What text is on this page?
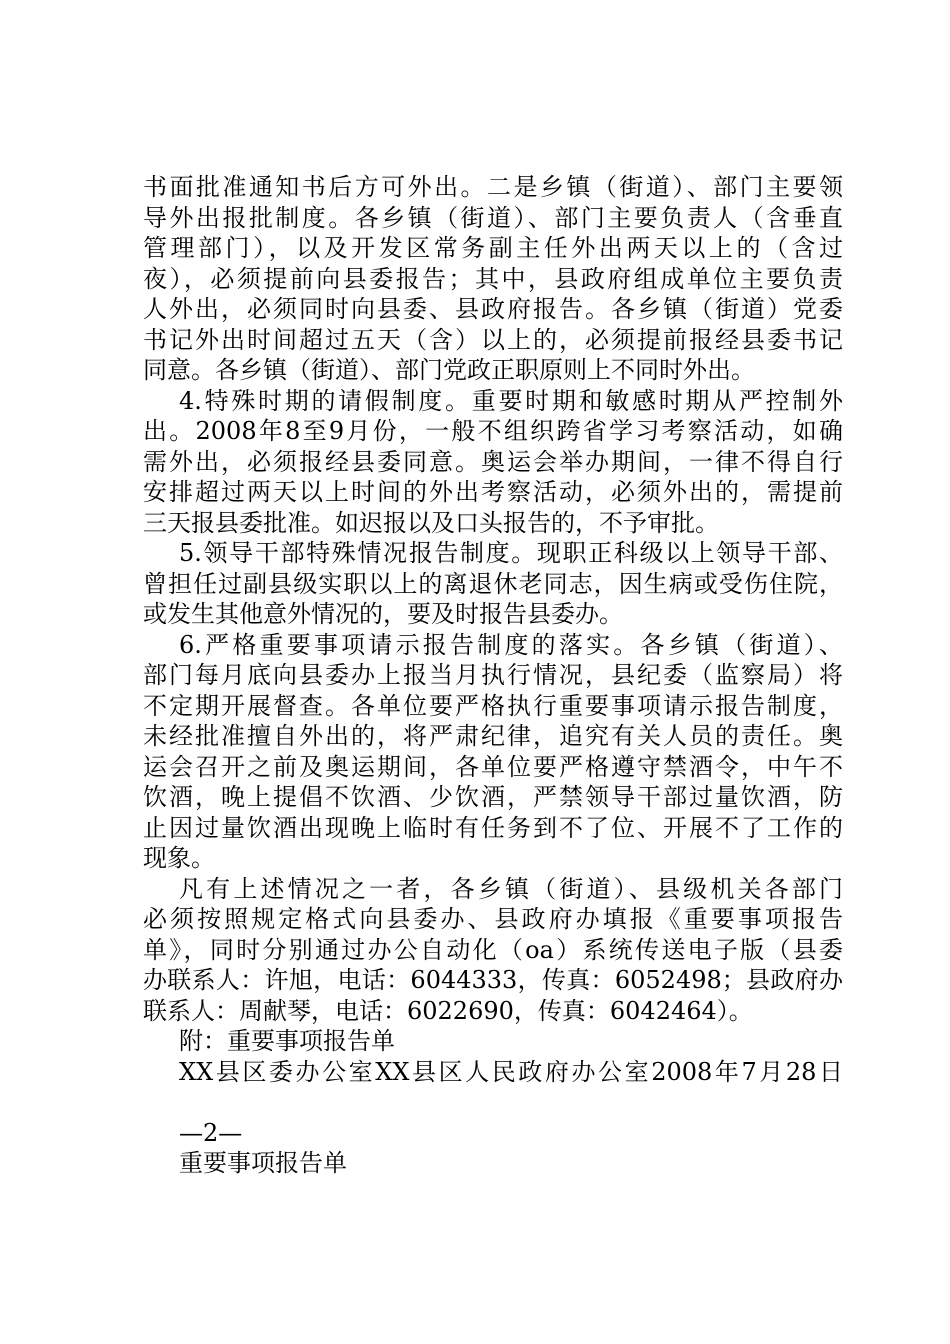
书面批准通知书后方可外出。二是乡镇（街道）、部门主要领
导外出报批制度。各乡镇（街道）、部门主要负责人（含垂直
管理部门），以及开发区常务副主任外出两天以上的（含过
夜），必须提前向县委报告；其中，县政府组成单位主要负责
人外出，必须同时向县委、县政府报告。各乡镇（街道）党委
书记外出时间超过五天（含）以上的，必须提前报经县委书记
同意。各乡镇（街道）、部门党政正职原则上不同时外出。
4.特殊时期的请假制度。重要时期和敏感时期从严控制外
出。2008年8至9月份，一般不组织跨省学习考察活动，如确
需外出，必须报经县委同意。奥运会举办期间，一律不得自行
安排超过两天以上时间的外出考察活动，必须外出的，需提前
三天报县委批准。如迟报以及口头报告的，不予审批。
5.领导干部特殊情况报告制度。现职正科级以上领导干部、
曾担任过副县级实职以上的离退休老同志，因生病或受伤住院，
或发生其他意外情况的，要及时报告县委办。
6.严格重要事项请示报告制度的落实。各乡镇（街道）、
部门每月底向县委办上报当月执行情况，县纪委（监察局）将
不定期开展督查。各单位要严格执行重要事项请示报告制度，
未经批准擅自外出的，将严肃纪律，追究有关人员的责任。奥
运会召开之前及奥运期间，各单位要严格遵守禁酒令，中午不
饮酒，晚上提倡不饮酒、少饮酒，严禁领导干部过量饮酒，防
止因过量饮酒出现晚上临时有任务到不了位、开展不了工作的
现象。
凡有上述情况之一者，各乡镇（街道）、县级机关各部门
必须按照规定格式向县委办、县政府办填报《重要事项报告
单》，同时分别通过办公自动化（oa）系统传送电子版（县委
办联系人：许旭，电话：6044333，传真：6052498；县政府办
联系人：周献琴，电话：6022690，传真：6042464）。
附：重要事项报告单
XX县区委办公室XX县区人民政府办公室2008年7月28日
—2—
重要事项报告单
